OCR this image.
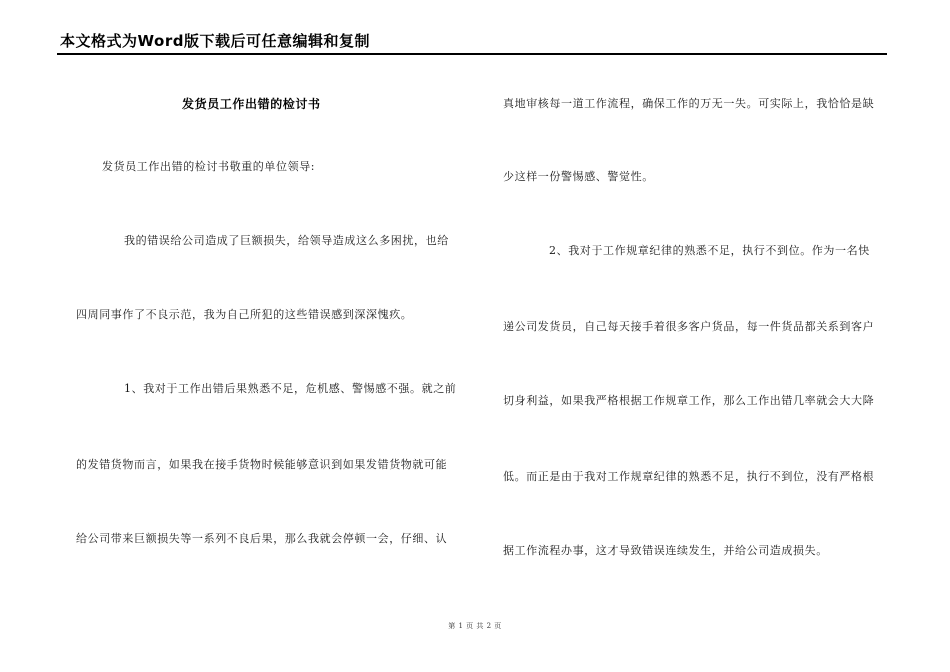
本文格式为Word版下载后可任意编辑和复制
发货员工作出错的检讨书
发货员工作出错的检讨书敬重的单位领导:
我的错误给公司造成了巨额损失，给领导造成这么多困扰，也给
四周同事作了不良示范，我为自己所犯的这些错误感到深深愧疚。
1、我对于工作出错后果熟悉不足，危机感、警惕感不强。就之前
的发错货物而言，如果我在接手货物时候能够意识到如果发错货物就可能
给公司带来巨额损失等一系列不良后果，那么我就会停顿一会，仔细、认
真地审核每一道工作流程，确保工作的万无一失。可实际上，我恰恰是缺
少这样一份警惕感、警觉性。
2、我对于工作规章纪律的熟悉不足，执行不到位。作为一名快
递公司发货员，自己每天接手着很多客户货品，每一件货品都关系到客户
切身利益，如果我严格根据工作规章工作，那么工作出错几率就会大大降
低。而正是由于我对工作规章纪律的熟悉不足，执行不到位，没有严格根
据工作流程办事，这才导致错误连续发生，并给公司造成损失。
第 1 页 共 2 页
